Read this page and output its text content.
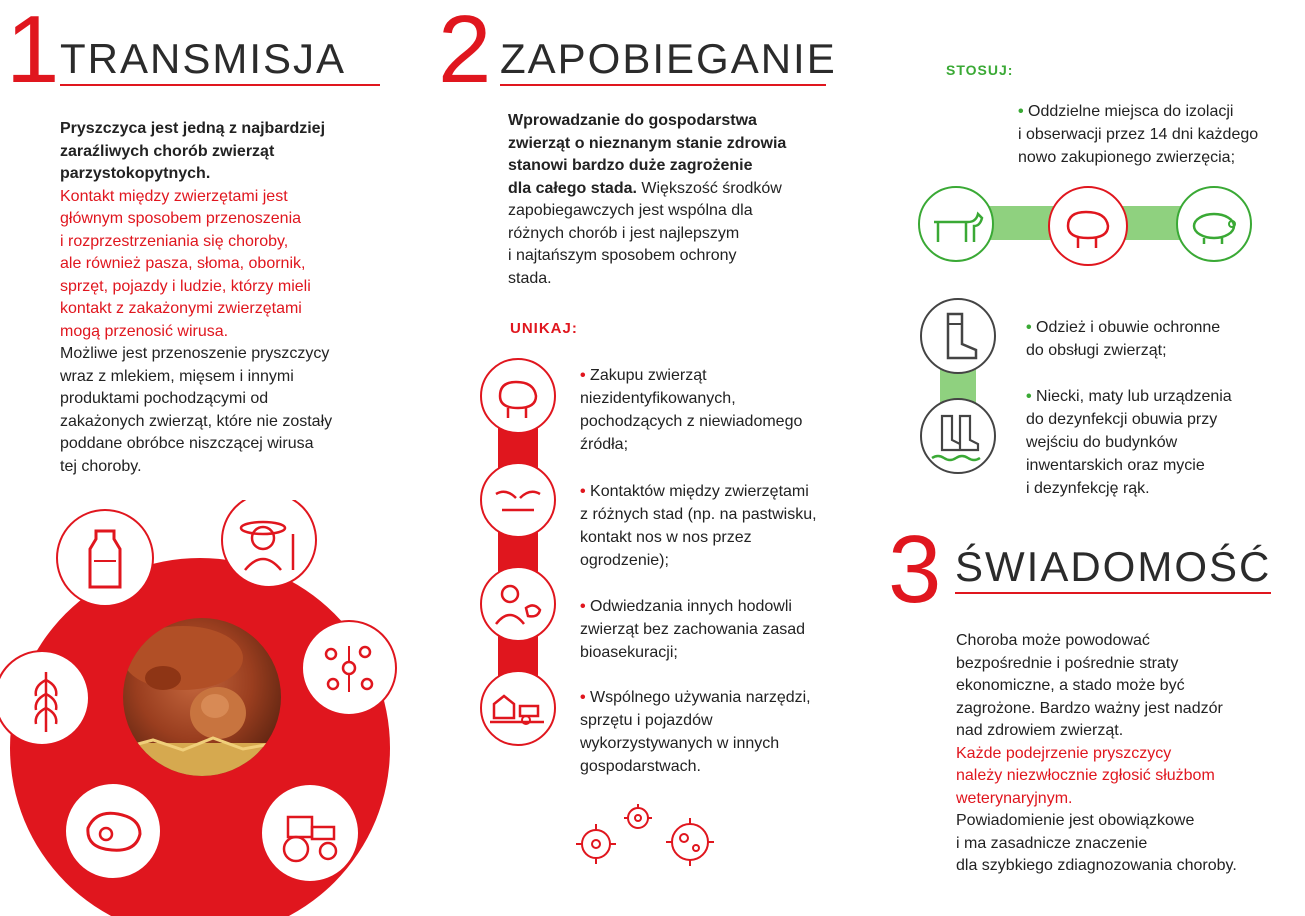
1 TRANSMISJA
Pryszczyca jest jedną z najbardziej
zaraźliwych chorób zwierząt
parzystokopytnych.
Kontakt między zwierzętami jest
głównym sposobem przenoszenia
i rozprzestrzeniania się choroby,
ale również pasza, słoma, obornik,
sprzęt, pojazdy i ludzie, którzy mieli
kontakt z zakażonymi zwierzętami
mogą przenosić wirusa.
Możliwe jest przenoszenie pryszczycy
wraz z mlekiem, mięsem i innymi
produktami pochodzącymi od
zakażonych zwierząt, które nie zostały
poddane obróbce niszczącej wirusa
tej choroby.
2 ZAPOBIEGANIE
Wprowadzanie do gospodarstwa
zwierząt o nieznanym stanie zdrowia
stanowi bardzo duże zagrożenie
dla całego stada. Większość środków
zapobiegawczych jest wspólna dla
różnych chorób i jest najlepszym
i najtańszym sposobem ochrony
stada.
UNIKAJ:
• Zakupu zwierząt
niezidentyfikowanych,
pochodzących z niewiadomego
źródła;
• Kontaktów między zwierzętami
z różnych stad (np. na pastwisku,
kontakt nos w nos przez
ogrodzenie);
• Odwiedzania innych hodowli
zwierząt bez zachowania zasad
bioasekuracji;
• Wspólnego używania narzędzi,
sprzętu i pojazdów
wykorzystywanych w innych
gospodarstwach.
STOSUJ:
• Oddzielne miejsca do izolacji
i obserwacji przez 14 dni każdego
nowo zakupionego zwierzęcia;
• Odzież i obuwie ochronne
do obsługi zwierząt;
• Niecki, maty lub urządzenia
do dezynfekcji obuwia przy
wejściu do budynków
inwentarskich oraz mycie
i dezynfekcję rąk.
3 ŚWIADOMOŚĆ
Choroba może powodować
bezpośrednie i pośrednie straty
ekonomiczne, a stado może być
zagrożone. Bardzo ważny jest nadzór
nad zdrowiem zwierząt.
Każde podejrzenie pryszczycy
należy niezwłocznie zgłosić służbom
weterynaryjnym.
Powiadomienie jest obowiązkowe
i ma zasadnicze znaczenie
dla szybkiego zdiagnozowania choroby.
